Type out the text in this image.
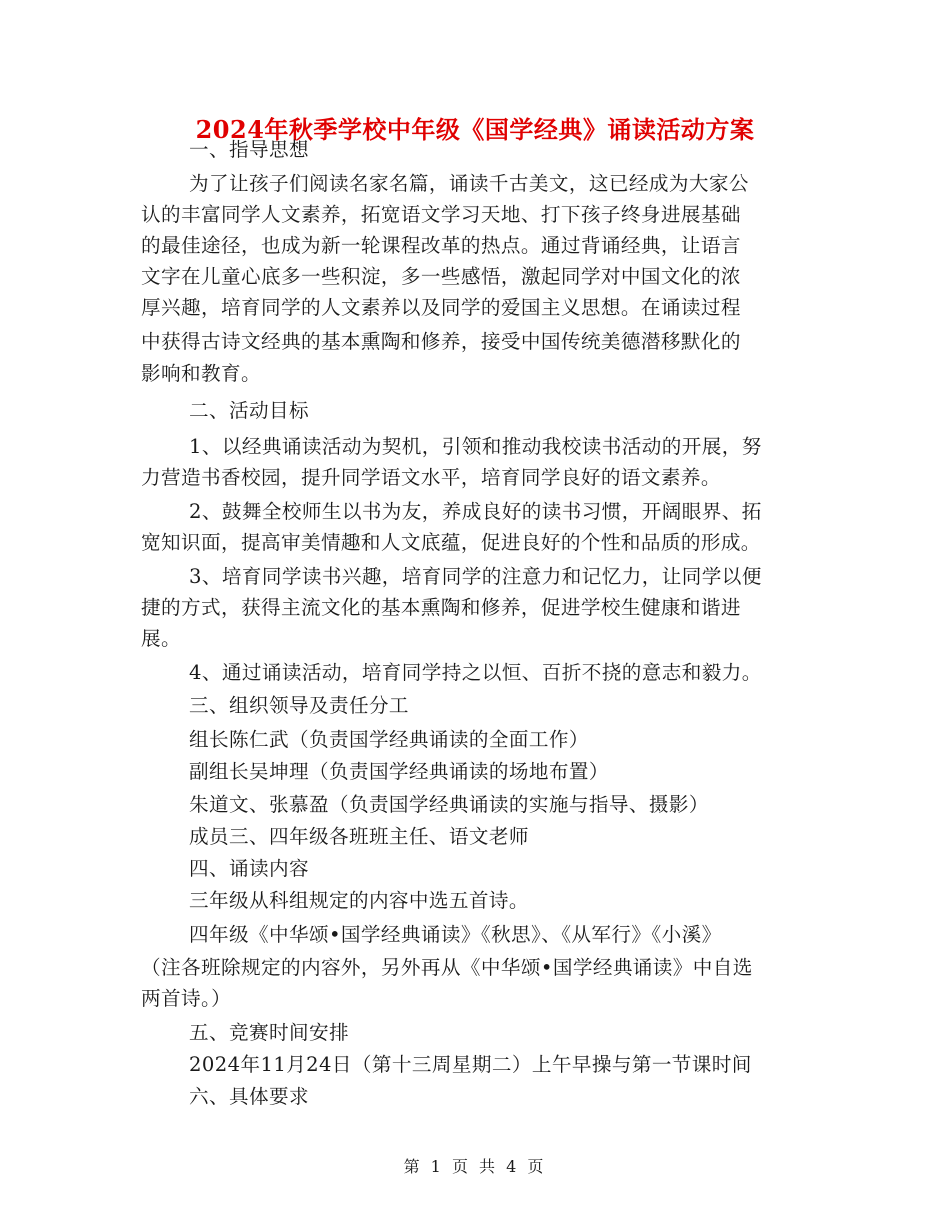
2024年秋季学校中年级《国学经典》诵读活动方案
一、指导思想
为了让孩子们阅读名家名篇，诵读千古美文，这已经成为大家公
认的丰富同学人文素养，拓宽语文学习天地、打下孩子终身进展基础
的最佳途径，也成为新一轮课程改革的热点。通过背诵经典，让语言
文字在儿童心底多一些积淀，多一些感悟，激起同学对中国文化的浓
厚兴趣，培育同学的人文素养以及同学的爱国主义思想。在诵读过程
中获得古诗文经典的基本熏陶和修养，接受中国传统美德潜移默化的
影响和教育。
二、活动目标
1、以经典诵读活动为契机，引领和推动我校读书活动的开展，努
力营造书香校园，提升同学语文水平，培育同学良好的语文素养。
2、鼓舞全校师生以书为友，养成良好的读书习惯，开阔眼界、拓
宽知识面，提高审美情趣和人文底蕴，促进良好的个性和品质的形成。
3、培育同学读书兴趣，培育同学的注意力和记忆力，让同学以便
捷的方式，获得主流文化的基本熏陶和修养，促进学校生健康和谐进
展。
4、通过诵读活动，培育同学持之以恒、百折不挠的意志和毅力。
三、组织领导及责任分工
组长陈仁武（负责国学经典诵读的全面工作）
副组长吴坤理（负责国学经典诵读的场地布置）
朱道文、张慕盈（负责国学经典诵读的实施与指导、摄影）
成员三、四年级各班班主任、语文老师
四、诵读内容
三年级从科组规定的内容中选五首诗。
四年级《中华颂•国学经典诵读》《秋思》、《从军行》《小溪》
（注各班除规定的内容外，另外再从《中华颂•国学经典诵读》中自选
两首诗。）
五、竞赛时间安排
2024年11月24日（第十三周星期二）上午早操与第一节课时间
六、具体要求
第 1 页 共 4 页
